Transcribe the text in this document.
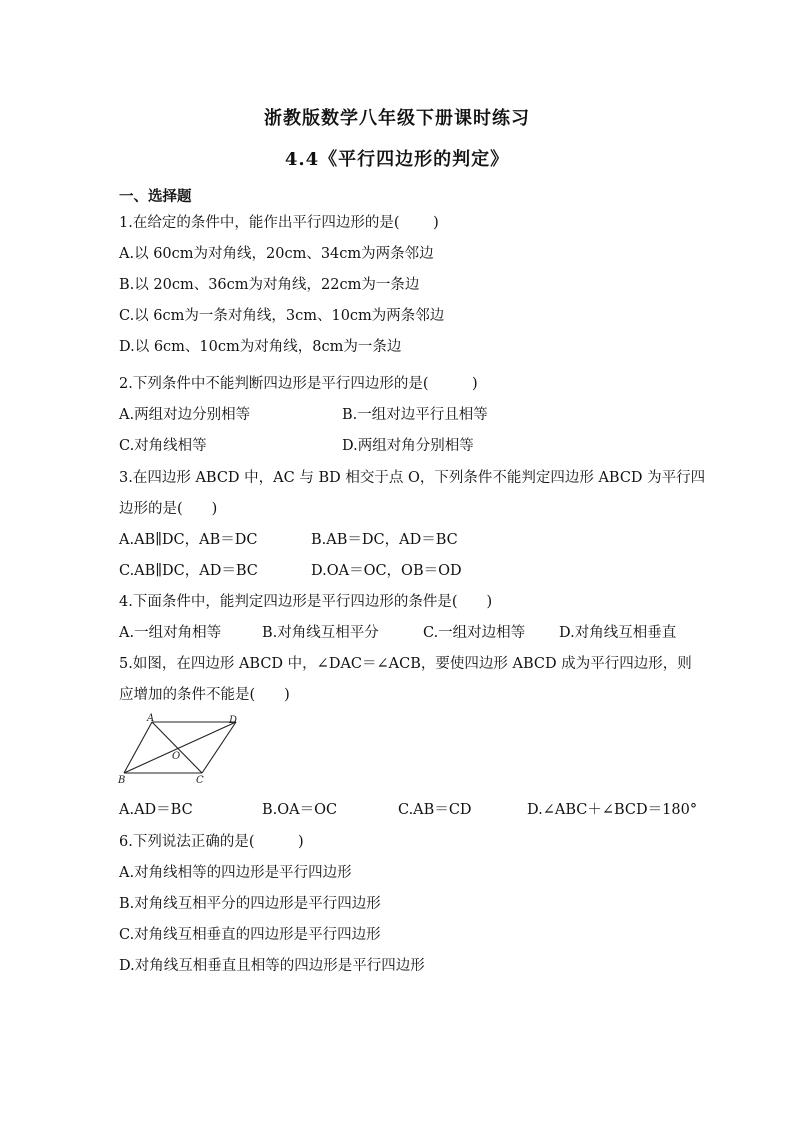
浙教版数学八年级下册课时练习
4.4《平行四边形的判定》
一、选择题
1.在给定的条件中，能作出平行四边形的是(　　 )
A.以 60cm为对角线，20cm、34cm为两条邻边
B.以 20cm、36cm为对角线，22cm为一条边
C.以 6cm为一条对角线，3cm、10cm为两条邻边
D.以 6cm、10cm为对角线，8cm为一条边
2.下列条件中不能判断四边形是平行四边形的是(　　　)
A.两组对边分别相等	B.一组对边平行且相等
C.对角线相等	D.两组对角分别相等
3.在四边形 ABCD 中，AC 与 BD 相交于点 O，下列条件不能判定四边形 ABCD 为平行四
边形的是(　　)
A.AB∥DC，AB＝DC	B.AB＝DC，AD＝BC
C.AB∥DC，AD＝BC	D.OA＝OC，OB＝OD
4.下面条件中，能判定四边形是平行四边形的条件是(　　)
A.一组对角相等	B.对角线互相平分	C.一组对边相等 D.对角线互相垂直
5.如图，在四边形 ABCD 中，∠DAC＝∠ACB，要使四边形 ABCD 成为平行四边形，则
应增加的条件不能是(　　)
A	D
O
B	C
A.AD＝BC	B.OA＝OC	C.AB＝CD	D.∠ABC＋∠BCD＝180°
6.下列说法正确的是(　　　)
A.对角线相等的四边形是平行四边形
B.对角线互相平分的四边形是平行四边形
C.对角线互相垂直的四边形是平行四边形
D.对角线互相垂直且相等的四边形是平行四边形
